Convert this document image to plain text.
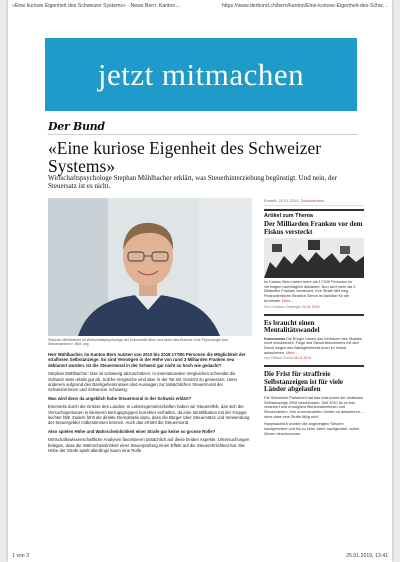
«Eine kuriose Eigenheit des Schweizer Systems» - News Bern: Kanton…	https://www.derbund.ch/bern/kanton/Eine-kuriose-Eigenheit-des-Schw…
jetzt mitmachen
Der Bund
«Eine kuriose Eigenheit des Schweizer Systems»
Wirtschaftspsychologe Stephan Mühlbacher erklärt, was Steuerhinterziehung begünstigt. Und nein, der Steuersatz ist es nicht.
Stephan Mühlbacher ist Wirtschaftspsychologe der Universität Wien und Autor des Buches «Die Psychologie des Steuerzahlens». Bild: zvg

Herr Mühlbacher, im Kanton Bern nutzten von 2010 bis 2018 17'000 Personen die Möglichkeit der straflosen Selbstanzeige. So sind Vermögen in der Höhe von rund 3 Milliarden Franken neu deklariert worden. Ist die Steuermoral in der Schweiz gar nicht so hoch wie gedacht?

Stephan Mühlbacher: Das ist schwierig abzuschätzen. In internationalen Vergleichen schneidet die Schweiz stets relativ gut ab. Solche Vergleiche sind aber in der Tat mit Vorsicht zu geniessen. Unter anderem aufgrund des Bankgeheimnisses sind Aussagen zur tatsächlichen Steuermoral der Schweizerinnen und Schweizer schwierig.

Was wird denn da angeblich hohe Steuermoral in der Schweiz erklärt?

Einerseits durch die Grösse des Landes: In Lebensgemeinschaften haben wir Steuerethik, das sich die Versuchspersonen in kleineren Bezugsgruppen korrekter verhalten, da eine Identifikation mit der Gruppe leichter fällt. Zudem fühlt die direkte Demokratie dazu, dass die Bürger über Steuersätze und Verwendung der Steuergelder mitbestimmen können. Auch das erhöht die Steuermoral.

Also spielen Höhe und Wahrscheinlichkeit einer Strafe gar keine so grosse Rolle?

Wirtschaftswissenschaftliche Analysen favorisieren tatsächlich auf diese beiden Aspekte. Untersuchungen belegen, dass die Wahrscheinlichkeit einer Steuerprüfung einen Effekt auf die Steuerehrlichkeit hat. Die Höhe der Strafe spielt allerdings kaum eine Rolle.

Erstellt: 25.01.2019, Druckversion
Artikel zum Thema
Der Milliarden Franken vor dem Fiskus versteckt
Im Kanton Bern haben mehr als 17'000 Personen ihr Vermögen nachträglich deklariert. Nun wird mehr als 3 Milliarden Franken versteuert. Ihre Strafe fällt weg. Finanzdirektorin Beatrice Simon ist dankbar für die Amnestie. Mehr...
Von Christian Zellweger 24.01.2019
Es braucht einen Mentalitätswandel
Kommentar Die Bürger haben das Vertrauen des Staates nicht missbraucht. Folge des Steuerabkommens mit den Druck wegen des Bankgeheimnis auch im Inland aufzuheben. Mehr...
Von Fabian Christl 24.01.2019
Die Frist für straffreie Selbstanzeigen ist für viele Länder abgelaufen
Die Schweizer Parlament hat das Instrument der straflosen Selbstanzeige 2008 beschlossen. Seit 2010 ist es fest verankert und ermöglicht Steuerzahlerinnen und Steuerzahlern, ihre unversteuerten Gelder zu deklarieren – ohne dass eine Strafe fällig wird.
Hauptsächlich wurden die angezeigten Steuern nachgefordert und bis zu zehn Jahre nachgezahlt, wobei Zinsen hinzukommen.
1 von 3	25.01.2019, 13:41
